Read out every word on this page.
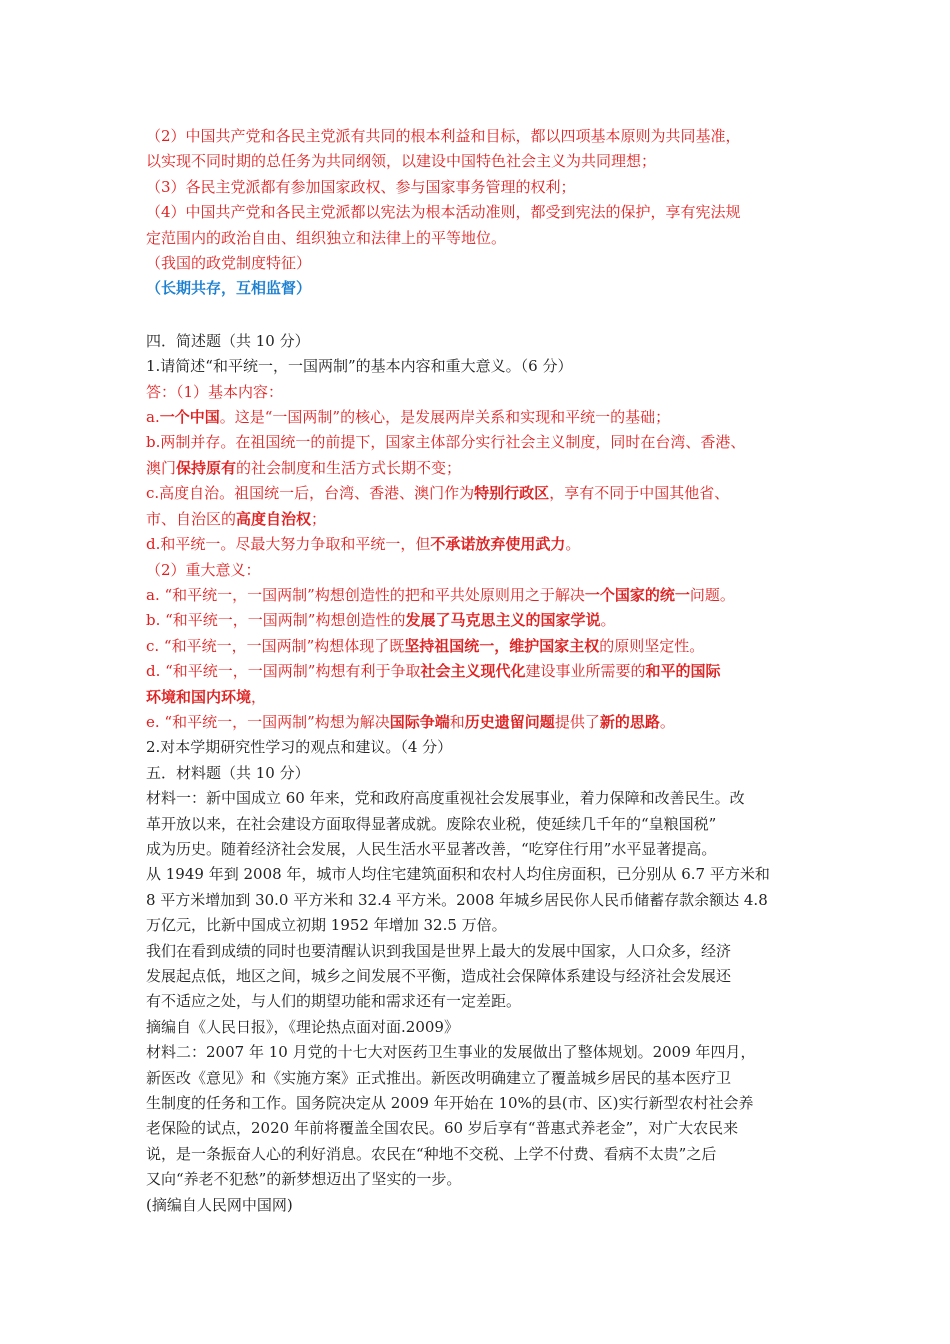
（2）中国共产党和各民主党派有共同的根本利益和目标，都以四项基本原则为共同基准，
以实现不同时期的总任务为共同纲领，以建设中国特色社会主义为共同理想；
（3）各民主党派都有参加国家政权、参与国家事务管理的权利；
（4）中国共产党和各民主党派都以宪法为根本活动准则，都受到宪法的保护，享有宪法规
定范围内的政治自由、组织独立和法律上的平等地位。
（我国的政党制度特征）
（长期共存，互相监督）
四．简述题（共 10 分）
1.请简述“和平统一，一国两制”的基本内容和重大意义。（6 分）
答：（1）基本内容：
a.一个中国。这是“一国两制”的核心，是发展两岸关系和实现和平统一的基础；
b.两制并存。在祖国统一的前提下，国家主体部分实行社会主义制度，同时在台湾、香港、
澳门保持原有的社会制度和生活方式长期不变；
c.高度自治。祖国统一后，台湾、香港、澳门作为特别行政区，享有不同于中国其他省、
市、自治区的高度自治权；
d.和平统一。尽最大努力争取和平统一，但不承诺放弃使用武力。
（2）重大意义：
a. “和平统一，一国两制”构想创造性的把和平共处原则用之于解决一个国家的统一问题。
b. “和平统一，一国两制”构想创造性的发展了马克思主义的国家学说。
c. “和平统一，一国两制”构想体现了既坚持祖国统一，维护国家主权的原则坚定性。
d. “和平统一，一国两制”构想有利于争取社会主义现代化建设事业所需要的和平的国际
环境和国内环境，
e. “和平统一，一国两制”构想为解决国际争端和历史遗留问题提供了新的思路。
2.对本学期研究性学习的观点和建议。（4 分）
五．材料题（共 10 分）
材料一：新中国成立 60 年来，党和政府高度重视社会发展事业，着力保障和改善民生。改
革开放以来，在社会建设方面取得显著成就。废除农业税，使延续几千年的“皇粮国税”
成为历史。随着经济社会发展，人民生活水平显著改善，“吃穿住行用”水平显著提高。
从 1949 年到 2008 年，城市人均住宅建筑面积和农村人均住房面积，已分别从 6.7 平方米和
8 平方米增加到 30.0 平方米和 32.4 平方米。2008 年城乡居民你人民币储蓄存款余额达 4.8
万亿元，比新中国成立初期 1952 年增加 32.5 万倍。
我们在看到成绩的同时也要清醒认识到我国是世界上最大的发展中国家，人口众多，经济
发展起点低，地区之间，城乡之间发展不平衡，造成社会保障体系建设与经济社会发展还
有不适应之处，与人们的期望功能和需求还有一定差距。
摘编自《人民日报》，《理论热点面对面.2009》
材料二：2007 年 10 月党的十七大对医药卫生事业的发展做出了整体规划。2009 年四月，
新医改《意见》和《实施方案》正式推出。新医改明确建立了覆盖城乡居民的基本医疗卫
生制度的任务和工作。国务院决定从 2009 年开始在 10%的县(市、区)实行新型农村社会养
老保险的试点，2020 年前将覆盖全国农民。60 岁后享有“普惠式养老金”，对广大农民来
说，是一条振奋人心的利好消息。农民在“种地不交税、上学不付费、看病不太贵”之后
又向“养老不犯愁”的新梦想迈出了坚实的一步。
(摘编自人民网中国网)
